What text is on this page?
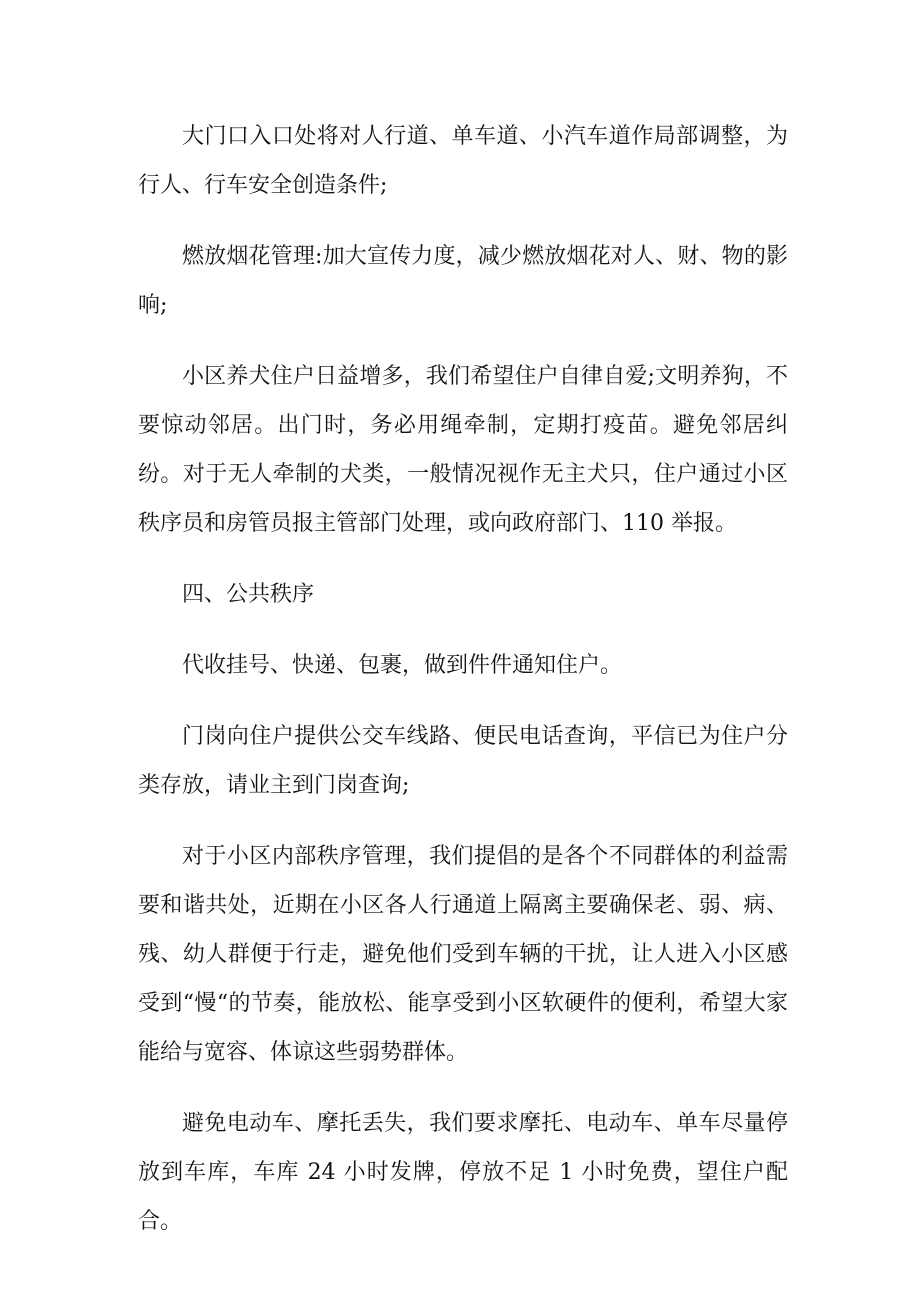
大门口入口处将对人行道、单车道、小汽车道作局部调整，为行人、行车安全创造条件;

燃放烟花管理:加大宣传力度，减少燃放烟花对人、财、物的影响;

小区养犬住户日益增多，我们希望住户自律自爱;文明养狗，不要惊动邻居。出门时，务必用绳牵制，定期打疫苗。避免邻居纠纷。对于无人牵制的犬类，一般情况视作无主犬只，住户通过小区秩序员和房管员报主管部门处理，或向政府部门、110 举报。

四、公共秩序

代收挂号、快递、包裹，做到件件通知住户。

门岗向住户提供公交车线路、便民电话查询，平信已为住户分类存放，请业主到门岗查询;

对于小区内部秩序管理，我们提倡的是各个不同群体的利益需要和谐共处，近期在小区各人行通道上隔离主要确保老、弱、病、残、幼人群便于行走，避免他们受到车辆的干扰，让人进入小区感受到“慢“的节奏，能放松、能享受到小区软硬件的便利，希望大家能给与宽容、体谅这些弱势群体。

避免电动车、摩托丢失，我们要求摩托、电动车、单车尽量停放到车库，车库 24 小时发牌，停放不足 1 小时免费，望住户配合。
